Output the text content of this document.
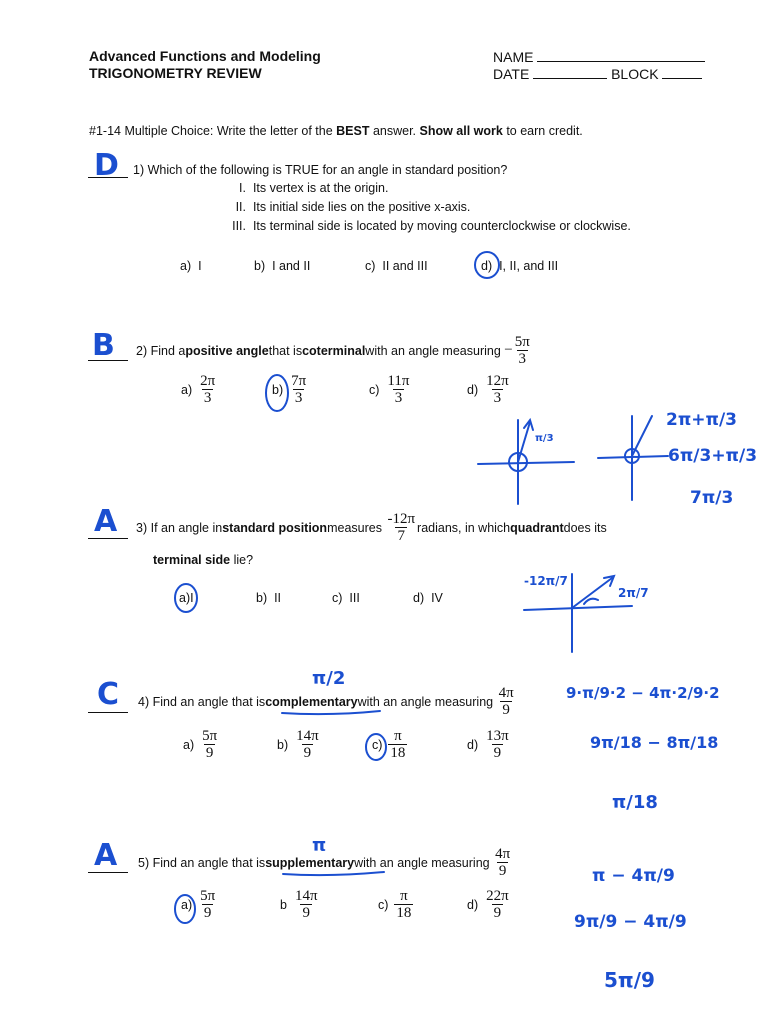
Advanced Functions and Modeling
TRIGONOMETRY REVIEW
NAME
DATE	BLOCK
#1-14 Multiple Choice: Write the letter of the BEST answer. Show all work to earn credit.
D 1) Which of the following is TRUE for an angle in standard position?
I. Its vertex is at the origin.
II. Its initial side lies on the positive x-axis.
III. Its terminal side is located by moving counterclockwise or clockwise.
a) I	b) I and II	c) II and III	d) I, II, and III
B 2)
Find a positive angle that is coterminal with an angle measuring
− $\frac{5\pi}{3}$
$a) \frac{2\pi}{3}$	$b) \frac{7\pi}{3}$	$c) \frac{11\pi}{3}$	$d) \frac{12\pi}{3}$
2π+π/3
6π/3+π/3
7π/3
π/3
A 3)
If an angle in standard position measures
$\frac{-12\pi}{7}$ radians, in which quadrant does its
terminal side lie?
a)I	b) II	c) III	d) IV
-12π/7
2π/7
C	π/2
4)
Find an angle that is complementary with an angle measuring
$\frac{4\pi}{9}$
$a) \frac{5\pi}{9}$	$b) \frac{14\pi}{9}$	$c) \frac{\pi}{18}$	$d) \frac{13\pi}{9}$
9·π/9·2 − 4π·2/9·2
9π/18 − 8π/18
π/18
A	π
5)
Find an angle that is supplementary with an angle measuring
$\frac{4\pi}{9}$
$a) \frac{5\pi}{9}$	b $\frac{14\pi}{9}$	$c) \frac{\pi}{18}$	$d) \frac{22\pi}{9}$
π − 4π/9
9π/9 − 4π/9
5π/9
